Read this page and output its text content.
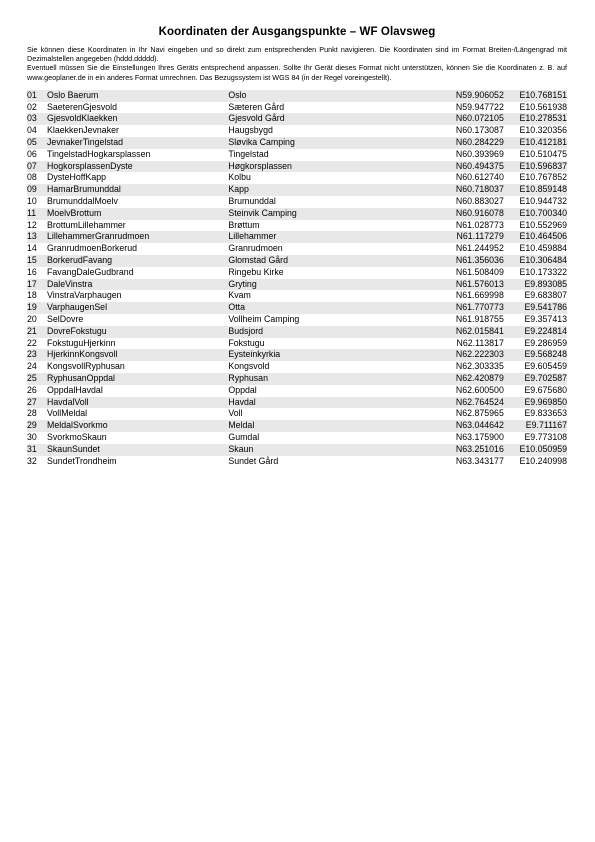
Koordinaten der Ausgangspunkte – WF Olavsweg

Sie können diese Koordinaten in Ihr Navi eingeben und so direkt zum entsprechenden Punkt navigieren. Die Koordinaten sind im Format Breiten-/Längengrad mit Dezimalstellen angegeben (hddd.ddddd).

Eventuell müssen Sie die Einstellungen Ihres Geräts entsprechend anpassen. Sollte Ihr Gerät dieses Format nicht unterstützen, können Sie die Koordinaten z. B. auf www.geoplaner.de in ein anderes Format umrechnen. Das Bezugssystem ist WGS 84 (in der Regel voreingestellt).

01	Oslo Baerum	Oslo	N59.906052	E10.768151
02	SaeterenGjesvold	Sæteren Gård	N59.947722	E10.561938
03	GjesvoldKlaekken	Gjesvold Gård	N60.072105	E10.278531
04	KlaekkenJevnaker	Haugsbygd	N60.173087	E10.320356
05	JevnakerTingelstad	Sløvika Camping	N60.284229	E10.412181
06	TingelstadHogkarsplassen	Tingelstad	N60.393969	E10.510475
07	HogkorsplassenDyste	Høgkorsplassen	N60.494375	E10.596837
08	DysteHoffKapp	Kolbu	N60.612740	E10.767852
09	HamarBrumunddal	Kapp	N60.718037	E10.859148
10	BrumunddalMoelv	Brumunddal	N60.883027	E10.944732
11	MoelvBrottum	Steinvik Camping	N60.916078	E10.700340
12	BrottumLillehammer	Brøttum	N61.028773	E10.552969
13	LillehammerGranrudmoen	Lillehammer	N61.117279	E10.464506
14	GranrudmoenBorkerud	Granrudmoen	N61.244952	E10.459884
15	BorkerudFavang	Glomstad Gård	N61.356036	E10.306484
16	FavangDaleGudbrand	Ringebu Kirke	N61.508409	E10.173322
17	DaleVinstra	Gryting	N61.576013	E9.893085
18	VinstraVarphaugen	Kvam	N61.669998	E9.683807
19	VarphaugenSel	Otta	N61.770773	E9.541786
20	SelDovre	Vollheim Camping	N61.918755	E9.357413
21	DovreFokstugu	Budsjord	N62.015841	E9.224814
22	FokstuguHjerkinn	Fokstugu	N62.113817	E9.286959
23	HjerkinnKongsvoll	Eysteinkyrkia	N62.222303	E9.568248
24	KongsvollRyphusan	Kongsvold	N62.303335	E9.605459
25	RyphusanOppdal	Ryphusan	N62.420879	E9.702587
26	OppdalHavdal	Oppdal	N62.600500	E9.675680
27	HavdalVoll	Havdal	N62.764524	E9.969850
28	VollMeldal	Voll	N62.875965	E9.833653
29	MeldalSvorkmo	Meldal	N63.044642	E9.711167
30	SvorkmoSkaun	Gumdal	N63.175900	E9.773108
31	SkaunSundet	Skaun	N63.251016	E10.050959
32	SundetTrondheim	Sundet Gård	N63.343177	E10.240998
